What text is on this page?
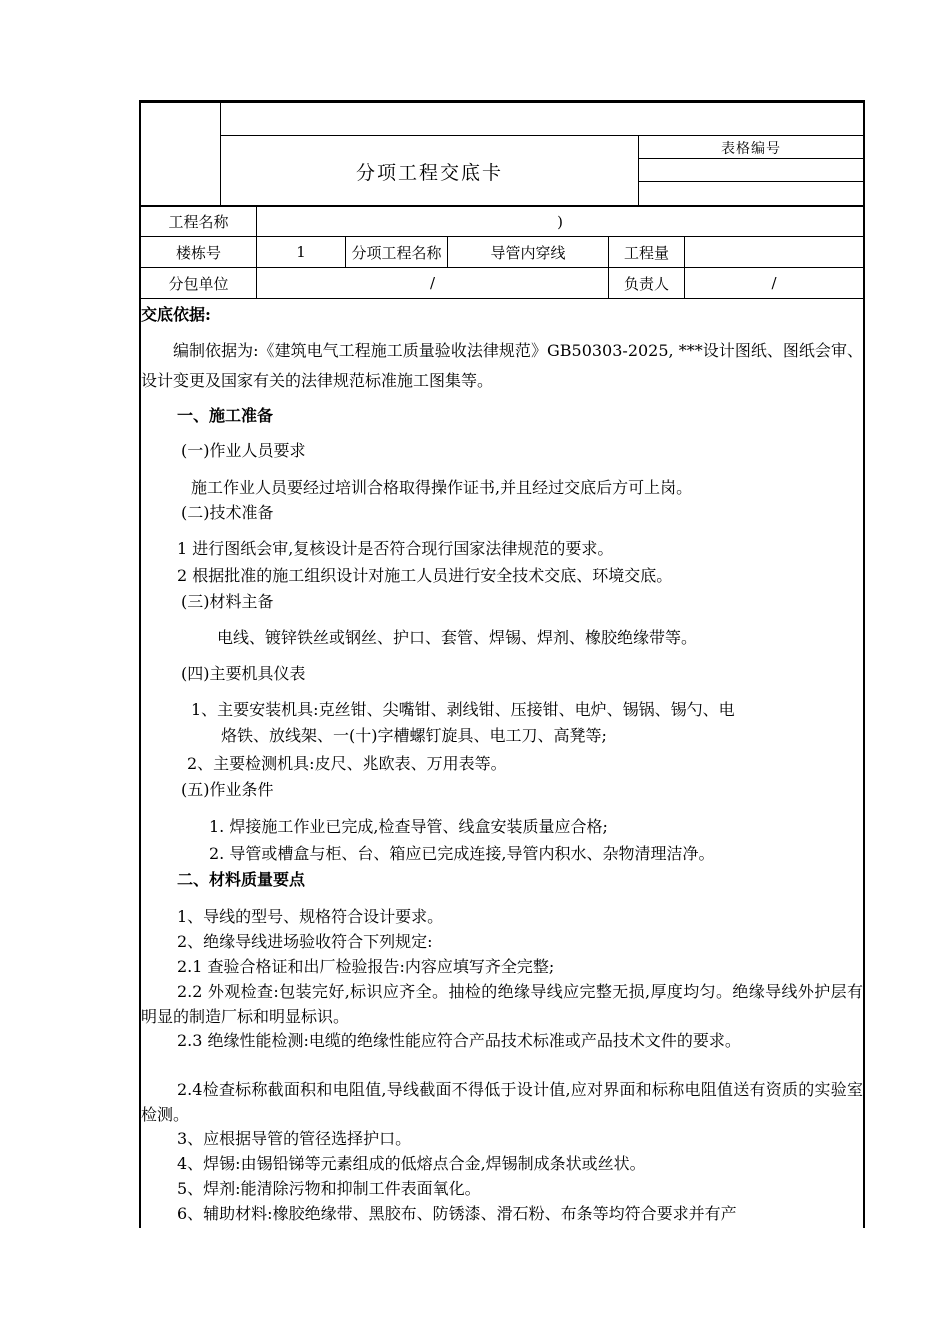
分项工程交底卡
表格编号
工程名称	)
楼栋号	1	分项工程名称	导管内穿线	工程量
分包单位	/	负责人	/
交底依据:
编制依据为:《建筑电气工程施工质量验收法律规范》GB50303-2025, ***设计图纸、图纸会审、设计变更及国家有关的法律规范标准施工图集等。
一、施工准备
(一)作业人员要求
施工作业人员要经过培训合格取得操作证书,并且经过交底后方可上岗。
(二)技术准备
1 进行图纸会审,复核设计是否符合现行国家法律规范的要求。
2 根据批准的施工组织设计对施工人员进行安全技术交底、环境交底。
(三)材料主备
电线、镀锌铁丝或钢丝、护口、套管、焊锡、焊剂、橡胶绝缘带等。
(四)主要机具仪表
1、主要安装机具:克丝钳、尖嘴钳、剥线钳、压接钳、电炉、锡锅、锡勺、电
烙铁、放线架、一(十)字槽螺钉旋具、电工刀、高凳等;
2、主要检测机具:皮尺、兆欧表、万用表等。
(五)作业条件
1. 焊接施工作业已完成,检查导管、线盒安装质量应合格;
2. 导管或槽盒与柜、台、箱应已完成连接,导管内积水、杂物清理洁净。
二、材料质量要点
1、导线的型号、规格符合设计要求。
2、绝缘导线进场验收符合下列规定:
2.1 查验合格证和出厂检验报告:内容应填写齐全完整;
2.2 外观检查:包装完好,标识应齐全。抽检的绝缘导线应完整无损,厚度均匀。绝缘导线外护层有明显的制造厂标和明显标识。
2.3 绝缘性能检测:电缆的绝缘性能应符合产品技术标准或产品技术文件的要求。
2.4检查标称截面积和电阻值,导线截面不得低于设计值,应对界面和标称电阻值送有资质的实验室检测。
3、应根据导管的管径选择护口。
4、焊锡:由锡铅锑等元素组成的低熔点合金,焊锡制成条状或丝状。
5、焊剂:能清除污物和抑制工件表面氧化。
6、辅助材料:橡胶绝缘带、黑胶布、防锈漆、滑石粉、布条等均符合要求并有产
